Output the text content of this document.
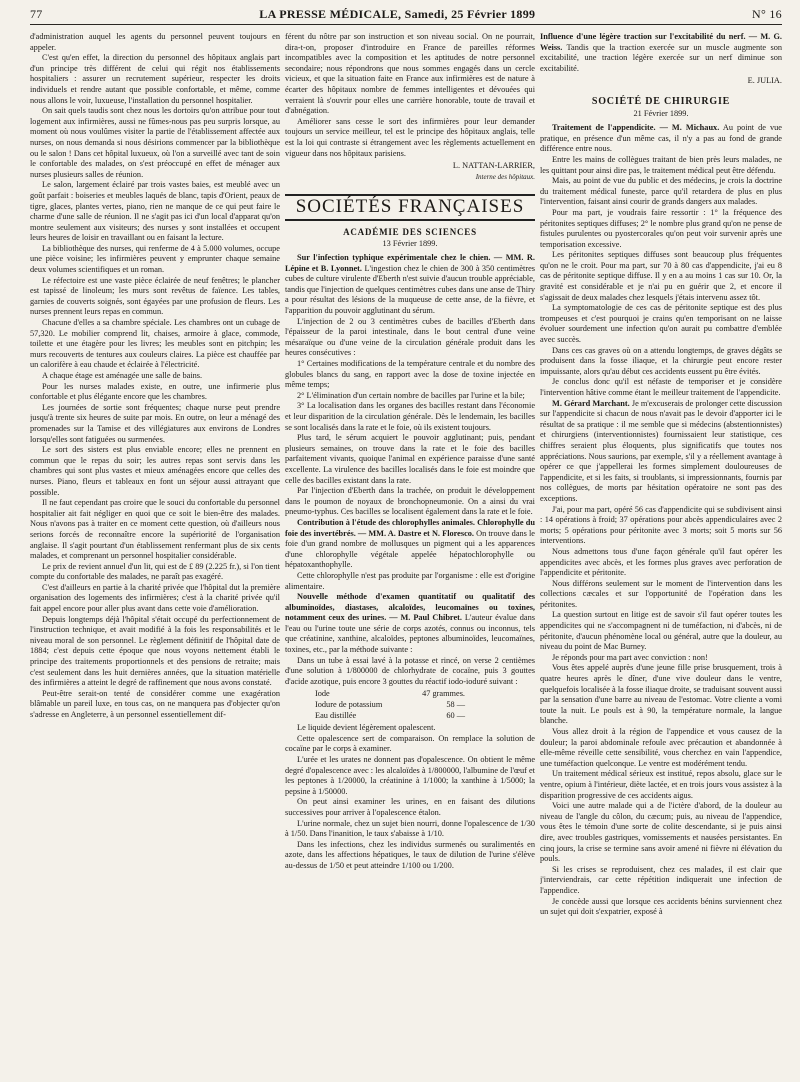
77	LA PRESSE MÉDICALE, Samedi, 25 Février 1899	N° 16

d'administration auquel les agents du personnel peuvent toujours en appeler.

C'est qu'en effet, la direction du personnel des hôpitaux anglais part d'un principe très différent de celui qui régit nos établissements hospitaliers : assurer un recrutement supérieur, respecter les droits individuels et rendre autant que possible confortable, et même, comme nous allons le voir, luxueuse, l'installation du personnel hospitalier.

On sait quels taudis sont chez nous les dortoirs qu'on attribue pour tout logement aux infirmières, aussi ne fûmes-nous pas peu surpris lorsque, au moment où nous voulûmes visiter la partie de l'établissement affectée aux nurses, on nous demanda si nous désirions commencer par la bibliothèque ou le salon ! Dans cet hôpital luxueux, où l'on a surveillé avec tant de soin le confortable des malades, on s'est préoccupé en effet de ménager aux nurses plusieurs salles de réunion.

Le salon, largement éclairé par trois vastes baies, est meublé avec un goût parfait : boiseries et meubles laqués de blanc, tapis d'Orient, peaux de tigre, glaces, plantes vertes, piano, rien ne manque de ce qui peut faire le charme d'une salle de réunion. Il ne s'agit pas ici d'un local d'apparat qu'on montre seulement aux visiteurs; des nurses y sont installées et occupent leurs heures de loisir en travaillant ou en faisant la lecture.

La bibliothèque des nurses, qui renferme de 4 à 5.000 volumes, occupe une pièce voisine; les infirmières peuvent y emprunter chaque semaine deux volumes scientifiques et un roman.

Le réfectoire est une vaste pièce éclairée de neuf fenêtres; le plancher est tapissé de linoleum; les murs sont revêtus de faïence. Les tables, garnies de couverts soignés, sont égayées par une profusion de fleurs. Les nurses prennent leurs repas en commun.

Chacune d'elles a sa chambre spéciale. Les chambres ont un cubage de 57,320. Le mobilier comprend lit, chaises, armoire à glace, commode, toilette et une étagère pour les livres; les meubles sont en pitchpin; les murs recouverts de tentures aux couleurs claires. La pièce est chauffée par un calorifère à eau chaude et éclairée à l'électricité.

A chaque étage est aménagée une salle de bains.

Pour les nurses malades existe, en outre, une infirmerie plus confortable et plus élégante encore que les chambres.

Les journées de sortie sont fréquentes; chaque nurse peut prendre jusqu'à trente six heures de suite par mois. En outre, on leur a ménagé des promenades sur la Tamise et des villégiatures aux environs de Londres lorsqu'elles sont fatiguées ou surmenées.

Le sort des sisters est plus enviable encore; elles ne prennent en commun que le repas du soir; les autres repas sont servis dans les chambres qui sont plus vastes et mieux aménagées encore que celles des nurses. Piano, fleurs et tableaux en font un séjour aussi attrayant que possible.

Il ne faut cependant pas croire que le souci du confortable du personnel hospitalier ait fait négliger en quoi que ce soit le bien-être des malades. Nous n'avons pas à traiter en ce moment cette question, où d'ailleurs nous serions forcés de reconnaître encore la supériorité de l'organisation anglaise. Il s'agit pourtant d'un établissement renfermant plus de six cents malades, et comprenant un personnel hospitalier considérable.

Le prix de revient annuel d'un lit, qui est de £ 89 (2.225 fr.), si l'on tient compte du confortable des malades, ne paraît pas exagéré.

C'est d'ailleurs en partie à la charité privée que l'hôpital dut la première organisation des logements des infirmières; c'est à la charité privée qu'il fait appel encore pour aller plus avant dans cette voie d'amélioration.

Depuis longtemps déjà l'hôpital s'était occupé du perfectionnement de l'instruction technique, et avait modifié à la fois les responsabilités et le niveau moral de son personnel. Le règlement définitif de l'hôpital date de 1884; c'est depuis cette époque que nous voyons nettement établi le principe des traitements proportionnels et des pensions de retraite; mais c'est seulement dans les huit dernières années, que la situation matérielle des infirmières a atteint le degré de raffinement que nous avons constaté.

Peut-être serait-on tenté de considérer comme une exagération blâmable un pareil luxe, en tous cas, on ne manquera pas d'objecter qu'on s'adresse en Angleterre, à un personnel essentiellement dif-

férent du nôtre par son instruction et son niveau social. On ne pourrait, dira-t-on, proposer d'introduire en France de pareilles réformes incompatibles avec la composition et les aptitudes de notre personnel secondaire; nous répondrons que nous sommes engagés dans un cercle vicieux, et que la situation faite en France aux infirmières est de nature à écarter des hôpitaux nombre de femmes intelligentes et dévouées qui verraient là s'ouvrir pour elles une carrière honorable, toute de travail et d'abnégation.

Améliorer sans cesse le sort des infirmières pour leur demander toujours un service meilleur, tel est le principe des hôpitaux anglais, telle est la loi qui contraste si étrangement avec les règlements actuellement en vigueur dans nos hôpitaux parisiens.

L. NATTAN-LARRIER,
Interne des hôpitaux.
SOCIÉTÉS FRANÇAISES
ACADÉMIE DES SCIENCES
13 Février 1899.

Sur l'infection typhique expérimentale chez le chien. — MM. R. Lépine et B. Lyonnet. L'ingestion chez le chien de 300 à 350 centimètres cubes de culture virulente d'Eberth n'est suivie d'aucun trouble appréciable, tandis que l'injection de quelques centimètres cubes dans une anse de Thiry a pour résultat des lésions de la muqueuse de cette anse, de la fièvre, et l'apparition du pouvoir agglutinant du sérum.

L'injection de 2 ou 3 centimètres cubes de bacilles d'Eberth dans l'épaisseur de la paroi intestinale, dans le bout central d'une veine mésaraïque ou d'une veine de la circulation générale produit dans les heures consécutives :

1° Certaines modifications de la température centrale et du nombre des globules blancs du sang, en rapport avec la dose de toxine injectée en même temps;

2° L'élimination d'un certain nombre de bacilles par l'urine et la bile;

3° La localisation dans les organes des bacilles restant dans l'économie et leur disparition de la circulation générale. Dès le lendemain, les bacilles se sont localisés dans la rate et le foie, où ils existent toujours.

Plus tard, le sérum acquiert le pouvoir agglutinant; puis, pendant plusieurs semaines, on trouve dans la rate et le foie des bacilles parfaitement vivants, quoique l'animal en expérience paraisse d'une santé excellente. La virulence des bacilles localisés dans le foie est moindre que celle des bacilles existant dans la rate.

Par l'injection d'Eberth dans la trachée, on produit le développement dans le poumon de noyaux de bronchopneumonie. On a ainsi du vrai pneumo-typhus. Ces bacilles se localisent également dans la rate et le foie.

Contribution à l'étude des chlorophylles animales. Chlorophylle du foie des invertébrés. — MM. A. Dastre et N. Floresco. On trouve dans le foie d'un grand nombre de mollusques un pigment qui a les apparences d'une chlorophylle végétale appelée hépatochlorophylle ou hépatoxanthophylle.

Cette chlorophylle n'est pas produite par l'organisme : elle est d'origine alimentaire.

Nouvelle méthode d'examen quantitatif ou qualitatif des albuminoïdes, diastases, alcaloïdes, leucomaïnes ou toxines, notamment ceux des urines. — M. Paul Chibret. L'auteur évalue dans l'eau ou l'urine toute une série de corps azotés, connus ou inconnus, tels que créatinine, xanthine, alcaloïdes, peptones albuminoïdes, leucomaïnes, toxines, etc., par la méthode suivante :

Dans un tube à essai lavé à la potasse et rincé, on verse 2 centièmes d'une solution à 1/800000 de chlorhydrate de cocaïne, puis 3 gouttes d'acide azotique, puis encore 3 gouttes du réactif iodo-ioduré suivant :

Iode	47 grammes.
Iodure de potassium	58 —
Eau distillée	60 —

Le liquide devient légèrement opalescent.

Cette opalescence sert de comparaison. On remplace la solution de cocaïne par le corps à examiner.

L'urée et les urates ne donnent pas d'opalescence. On obtient le même degré d'opalescence avec : les alcaloïdes à 1/800000, l'albumine de l'œuf et les peptones à 1/20000, la créatinine à 1/1000; la xanthine à 1/5000; la pepsine à 1/50000.

On peut ainsi examiner les urines, en en faisant des dilutions successives pour arriver à l'opalescence étalon.

L'urine normale, chez un sujet bien nourri, donne l'opalescence de 1/30 à 1/50. Dans l'inanition, le taux s'abaisse à 1/10.

Dans les infections, chez les individus surmenés ou suralimentés en azote, dans les affections hépatiques, le taux de dilution de l'urine s'élève au-dessus de 1/50 et peut atteindre 1/100 ou 1/200.

Influence d'une légère traction sur l'excitabilité du nerf. — M. G. Weiss. Tandis que la traction exercée sur un muscle augmente son excitabilité, une traction légère exercée sur un nerf diminue son excitabilité.

E. JULIA.
SOCIÉTÉ DE CHIRURGIE
21 Février 1899.

Traitement de l'appendicite. — M. Michaux. Au point de vue pratique, en présence d'un même cas, il n'y a pas au fond de grande différence entre nous.

Entre les mains de collègues traitant de bien près leurs malades, ne les quittant pour ainsi dire pas, le traitement médical peut être défendu.

Mais, au point de vue du public et des médecins, je crois la doctrine du traitement médical funeste, parce qu'il retardera de plus en plus l'intervention, faisant ainsi courir de grands dangers aux malades.

Pour ma part, je voudrais faire ressortir : 1° la fréquence des péritonites septiques diffuses; 2° le nombre plus grand qu'on ne pense de fistules purulentes ou pyostercorales qu'on peut voir survenir après une temporisation excessive.

Les péritonites septiques diffuses sont beaucoup plus fréquentes qu'on ne le croit. Pour ma part, sur 70 à 80 cas d'appendicite, j'ai eu 8 cas de péritonite septique diffuse. Il y en a au moins 1 cas sur 10. Or, la gravité est considérable et je n'ai pu en guérir que 2, et encore il s'agissait de deux malades chez lesquels j'étais intervenu assez tôt.

La symptomatologie de ces cas de péritonite septique est des plus trompeuses et c'est pourquoi je crains qu'en temporisant on ne laisse évoluer sourdement une infection qu'on aurait pu combattre d'emblée avec succès.

Dans ces cas graves où on a attendu longtemps, de graves dégâts se produisent dans la fosse iliaque, et la chirurgie peut encore rester impuissante, alors qu'au début ces accidents eussent pu être évités.

Je conclus donc qu'il est néfaste de temporiser et je considère l'intervention hâtive comme étant le meilleur traitement de l'appendicite.

M. Gérard Marchant. Je m'excuserais de prolonger cette discussion sur l'appendicite si chacun de nous n'avait pas le devoir d'apporter ici le résultat de sa pratique : il me semble que si médecins (abstentionnistes) et chirurgiens (interventionnistes) fournissaient leur statistique, ces chiffres seraient plus éloquents, plus significatifs que toutes nos appréciations. Nous saurions, par exemple, s'il y a réellement avantage à opérer ce que j'appellerai les formes simplement douloureuses de l'appendicite, et si les faits, si troublants, si impressionnants, fournis par nos collègues, de morts par hésitation opératoire ne sont pas des exceptions.

J'ai, pour ma part, opéré 56 cas d'appendicite qui se subdivisent ainsi : 14 opérations à froid; 37 opérations pour abcès appendiculaires avec 2 morts; 5 opérations pour péritonite avec 3 morts; soit 5 morts sur 56 interventions.

Nous admettons tous d'une façon générale qu'il faut opérer les appendicites avec abcès, et les formes plus graves avec perforation de l'appendicite et péritonite.

Nous différons seulement sur le moment de l'intervention dans les collections cæcales et sur l'opportunité de l'opération dans les péritonites.

La question surtout en litige est de savoir s'il faut opérer toutes les appendicites qui ne s'accompagnent ni de tuméfaction, ni d'abcès, ni de péritonite, d'aucun phénomène local ou général, autre que la douleur, au niveau du point de Mac Burney.

Je réponds pour ma part avec conviction : non!

Vous êtes appelé auprès d'une jeune fille prise brusquement, trois à quatre heures après le dîner, d'une vive douleur dans le ventre, quelquefois localisée à la fosse iliaque droite, se traduisant souvent aussi par la sensation d'une barre au niveau de l'estomac. Votre cliente a vomi toute la nuit. Le pouls est à 90, la température normale, la langue blanche.

Vous allez droit à la région de l'appendice et vous causez de la douleur; la paroi abdominale refoule avec précaution et abandonnée à elle-même réveille cette sensibilité, vous cherchez en vain l'appendice, une tuméfaction quelconque. Le ventre est modérément tendu.

Un traitement médical sérieux est institué, repos absolu, glace sur le ventre, opium à l'intérieur, diète lactée, et en trois jours vous assistez à la disparition progressive de ces accidents aigus.

Voici une autre malade qui a de l'ictère d'abord, de la douleur au niveau de l'angle du côlon, du cæcum; puis, au niveau de l'appendice, vous êtes le témoin d'une sorte de colite descendante, si je puis ainsi dire, avec troubles gastriques, vomissements et nausées persistantes. En cinq jours, la crise se termine sans avoir amené ni fièvre ni élévation du pouls.

Si les crises se reproduisent, chez ces malades, il est clair que j'interviendrais, car cette répétition indiquerait une infection de l'appendice.

Je concède aussi que lorsque ces accidents bénins surviennent chez un sujet qui doit s'expatrier, exposé à
